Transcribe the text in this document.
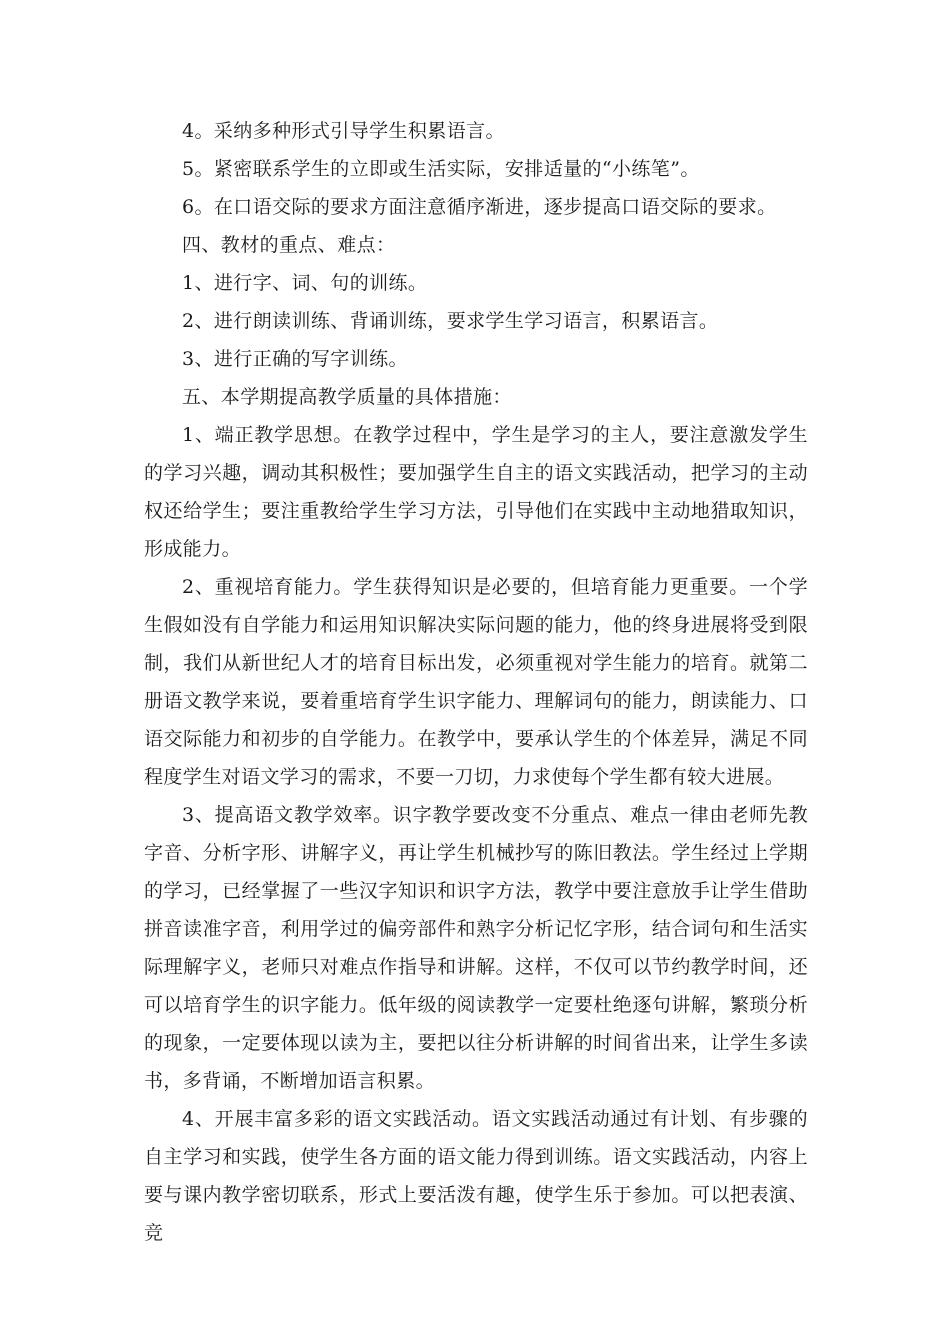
4。采纳多种形式引导学生积累语言。

5。紧密联系学生的立即或生活实际，安排适量的“小练笔”。

6。在口语交际的要求方面注意循序渐进，逐步提高口语交际的要求。

四、教材的重点、难点：

1、进行字、词、句的训练。

2、进行朗读训练、背诵训练，要求学生学习语言，积累语言。

3、进行正确的写字训练。

五、本学期提高教学质量的具体措施：

1、端正教学思想。在教学过程中，学生是学习的主人，要注意激发学生的学习兴趣，调动其积极性；要加强学生自主的语文实践活动，把学习的主动权还给学生；要注重教给学生学习方法，引导他们在实践中主动地猎取知识，形成能力。

2、重视培育能力。学生获得知识是必要的，但培育能力更重要。一个学生假如没有自学能力和运用知识解决实际问题的能力，他的终身进展将受到限制，我们从新世纪人才的培育目标出发，必须重视对学生能力的培育。就第二册语文教学来说，要着重培育学生识字能力、理解词句的能力，朗读能力、口语交际能力和初步的自学能力。在教学中，要承认学生的个体差异，满足不同程度学生对语文学习的需求，不要一刀切，力求使每个学生都有较大进展。

3、提高语文教学效率。识字教学要改变不分重点、难点一律由老师先教字音、分析字形、讲解字义，再让学生机械抄写的陈旧教法。学生经过上学期的学习，已经掌握了一些汉字知识和识字方法，教学中要注意放手让学生借助拼音读准字音，利用学过的偏旁部件和熟字分析记忆字形，结合词句和生活实际理解字义，老师只对难点作指导和讲解。这样，不仅可以节约教学时间，还可以培育学生的识字能力。低年级的阅读教学一定要杜绝逐句讲解，繁琐分析的现象，一定要体现以读为主，要把以往分析讲解的时间省出来，让学生多读书，多背诵，不断增加语言积累。

4、开展丰富多彩的语文实践活动。语文实践活动通过有计划、有步骤的自主学习和实践，使学生各方面的语文能力得到训练。语文实践活动，内容上要与课内教学密切联系，形式上要活泼有趣，使学生乐于参加。可以把表演、竞
